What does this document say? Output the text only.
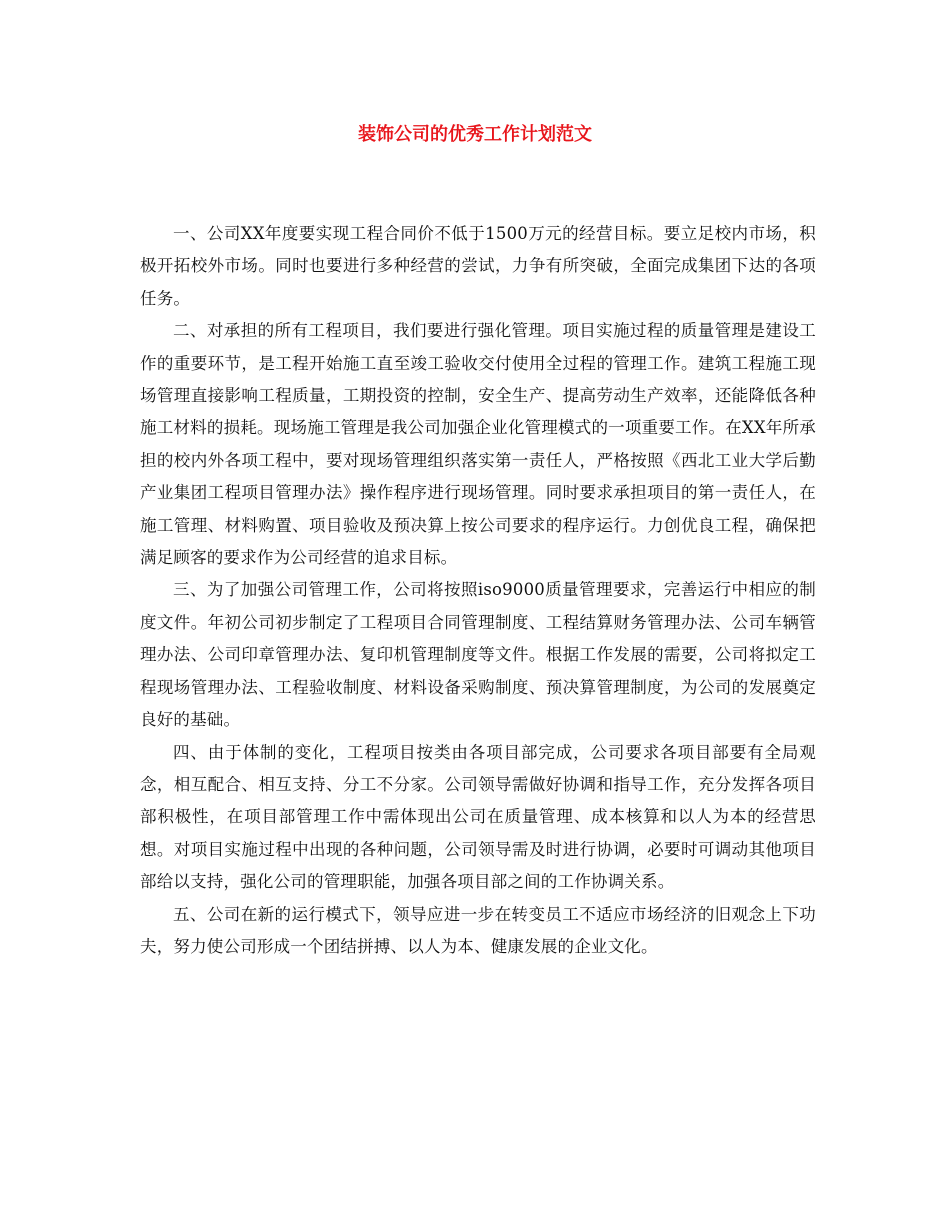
装饰公司的优秀工作计划范文

一、公司XX年度要实现工程合同价不低于1500万元的经营目标。要立足校内市场，积极开拓校外市场。同时也要进行多种经营的尝试，力争有所突破，全面完成集团下达的各项任务。

二、对承担的所有工程项目，我们要进行强化管理。项目实施过程的质量管理是建设工作的重要环节，是工程开始施工直至竣工验收交付使用全过程的管理工作。建筑工程施工现场管理直接影响工程质量，工期投资的控制，安全生产、提高劳动生产效率，还能降低各种施工材料的损耗。现场施工管理是我公司加强企业化管理模式的一项重要工作。在XX年所承担的校内外各项工程中，要对现场管理组织落实第一责任人，严格按照《西北工业大学后勤产业集团工程项目管理办法》操作程序进行现场管理。同时要求承担项目的第一责任人，在施工管理、材料购置、项目验收及预决算上按公司要求的程序运行。力创优良工程，确保把满足顾客的要求作为公司经营的追求目标。

三、为了加强公司管理工作，公司将按照iso9000质量管理要求，完善运行中相应的制度文件。年初公司初步制定了工程项目合同管理制度、工程结算财务管理办法、公司车辆管理办法、公司印章管理办法、复印机管理制度等文件。根据工作发展的需要，公司将拟定工程现场管理办法、工程验收制度、材料设备采购制度、预决算管理制度，为公司的发展奠定良好的基础。

四、由于体制的变化，工程项目按类由各项目部完成，公司要求各项目部要有全局观念，相互配合、相互支持、分工不分家。公司领导需做好协调和指导工作，充分发挥各项目部积极性，在项目部管理工作中需体现出公司在质量管理、成本核算和以人为本的经营思想。对项目实施过程中出现的各种问题，公司领导需及时进行协调，必要时可调动其他项目部给以支持，强化公司的管理职能，加强各项目部之间的工作协调关系。

五、公司在新的运行模式下，领导应进一步在转变员工不适应市场经济的旧观念上下功夫，努力使公司形成一个团结拼搏、以人为本、健康发展的企业文化。
